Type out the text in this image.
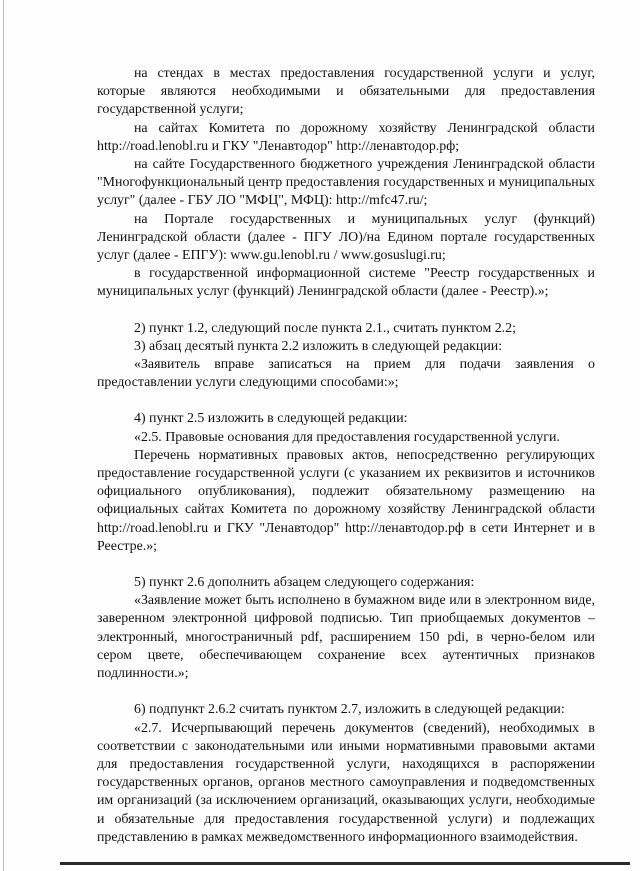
на стендах в местах предоставления государственной услуги и услуг, которые являются необходимыми и обязательными для предоставления государственной услуги;

на сайтах Комитета по дорожному хозяйству Ленинградской области http://road.lenobl.ru и ГКУ "Ленавтодор" http://ленавтодор.рф;

на сайте Государственного бюджетного учреждения Ленинградской области "Многофункциональный центр предоставления государственных и муниципальных услуг" (далее - ГБУ ЛО "МФЦ", МФЦ): http://mfc47.ru/;

на Портале государственных и муниципальных услуг (функций) Ленинградской области (далее - ПГУ ЛО)/на Едином портале государственных услуг (далее - ЕПГУ): www.gu.lenobl.ru / www.gosuslugi.ru;

в государственной информационной системе "Реестр государственных и муниципальных услуг (функций) Ленинградской области (далее - Реестр).»;

2) пункт 1.2, следующий после пункта 2.1., считать пунктом 2.2;

3) абзац десятый пункта 2.2 изложить в следующей редакции:

«Заявитель вправе записаться на прием для подачи заявления о предоставлении услуги следующими способами:»;

4) пункт 2.5 изложить в следующей редакции:

«2.5. Правовые основания для предоставления государственной услуги.

Перечень нормативных правовых актов, непосредственно регулирующих предоставление государственной услуги (с указанием их реквизитов и источников официального опубликования), подлежит обязательному размещению на официальных сайтах Комитета по дорожному хозяйству Ленинградской области http://road.lenobl.ru и ГКУ "Ленавтодор" http://ленавтодор.рф в сети Интернет и в Реестре.»;

5) пункт 2.6 дополнить абзацем следующего содержания:

«Заявление может быть исполнено в бумажном виде или в электронном виде, заверенном электронной цифровой подписью. Тип приобщаемых документов – электронный, многостраничный pdf, расширением 150 pdi, в черно-белом или сером цвете, обеспечивающем сохранение всех аутентичных признаков подлинности.»;

6) подпункт 2.6.2 считать пунктом 2.7, изложить в следующей редакции:

«2.7. Исчерпывающий перечень документов (сведений), необходимых в соответствии с законодательными или иными нормативными правовыми актами для предоставления государственной услуги, находящихся в распоряжении государственных органов, органов местного самоуправления и подведомственных им организаций (за исключением организаций, оказывающих услуги, необходимые и обязательные для предоставления государственной услуги) и подлежащих представлению в рамках межведомственного информационного взаимодействия.
